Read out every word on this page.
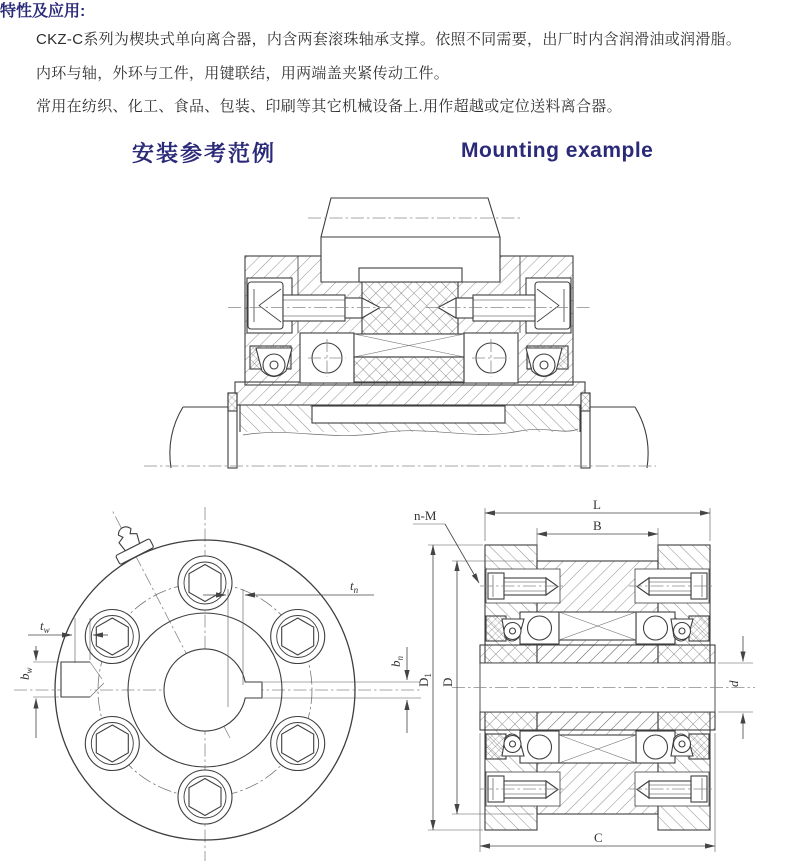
特性及应用:
CKZ-C系列为楔块式单向离合器，内含两套滚珠轴承支撑。依照不同需要，出厂时内含润滑油或润滑脂。
内环与轴，外环与工件，用键联结，用两端盖夹紧传动工件。
常用在纺织、化工、食品、包装、印刷等其它机械设备上.用作超越或定位送料离合器。
安装参考范例	Mounting example
$t_w$
$b_w$
$t_n$
$b_n$
L
B
C
$D_1$
D	d
n-M
